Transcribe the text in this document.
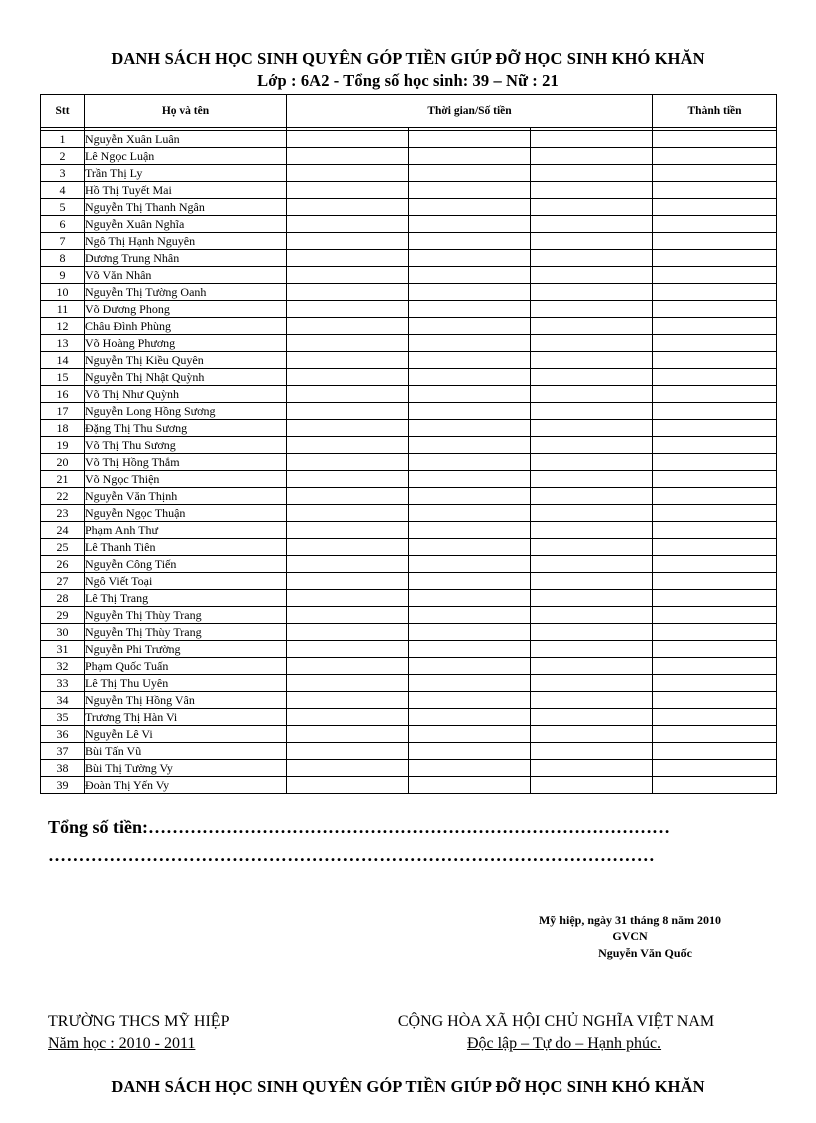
DANH SÁCH HỌC SINH QUYÊN GÓP TIỀN GIÚP ĐỠ HỌC SINH KHÓ KHĂN
Lớp : 6A2 - Tổng số học sinh: 39 – Nữ : 21
Stt	Họ và tên	Thời gian/Số tiền			Thành tiền

1	Nguyễn Xuân Luân				
2	Lê Ngọc Luận				
3	Trần Thị Ly				
4	Hồ Thị Tuyết Mai				
5	Nguyễn Thị Thanh Ngân				
6	Nguyễn Xuân Nghĩa				
7	Ngô Thị Hạnh Nguyên				
8	Dương Trung Nhân				
9	Võ Văn Nhân				
10	Nguyễn Thị Tường Oanh				
11	Võ Dương Phong				
12	Châu Đình Phùng				
13	Võ Hoàng Phương				
14	Nguyễn Thị Kiều Quyên				
15	Nguyễn Thị Nhật Quỳnh				
16	Võ Thị Như Quỳnh				
17	Nguyễn Long Hồng Sương				
18	Đặng Thị Thu Sương				
19	Võ Thị Thu Sương				
20	Võ Thị Hồng Thắm				
21	Võ Ngọc Thiện				
22	Nguyễn Văn Thịnh				
23	Nguyễn Ngọc Thuận				
24	Phạm Anh Thư				
25	Lê Thanh Tiên				
26	Nguyễn Công Tiến				
27	Ngô Viết Toại				
28	Lê Thị Trang				
29	Nguyễn Thị Thùy Trang				
30	Nguyễn Thị Thùy Trang				
31	Nguyễn Phi Trường				
32	Phạm Quốc Tuấn				
33	Lê Thị Thu Uyên				
34	Nguyễn Thị Hồng Vân				
35	Trương Thị Hàn Vi				
36	Nguyễn Lê Vi				
37	Bùi Tấn Vũ				
38	Bùi Thị Tường Vy				
39	Đoàn Thị Yến Vy				
Tổng số tiền:……………………………………………………………………………
………………………………………………………………………………………
Mỹ hiệp, ngày 31 tháng 8 năm 2010
GVCN
Nguyễn Văn Quốc
TRƯỜNG THCS MỸ HIỆP
Năm học : 2010 - 2011
CỘNG HÒA XÃ HỘI CHỦ NGHĨA VIỆT NAM
Độc lập – Tự do – Hạnh phúc.
DANH SÁCH HỌC SINH QUYÊN GÓP TIỀN GIÚP ĐỠ HỌC SINH KHÓ KHĂN
